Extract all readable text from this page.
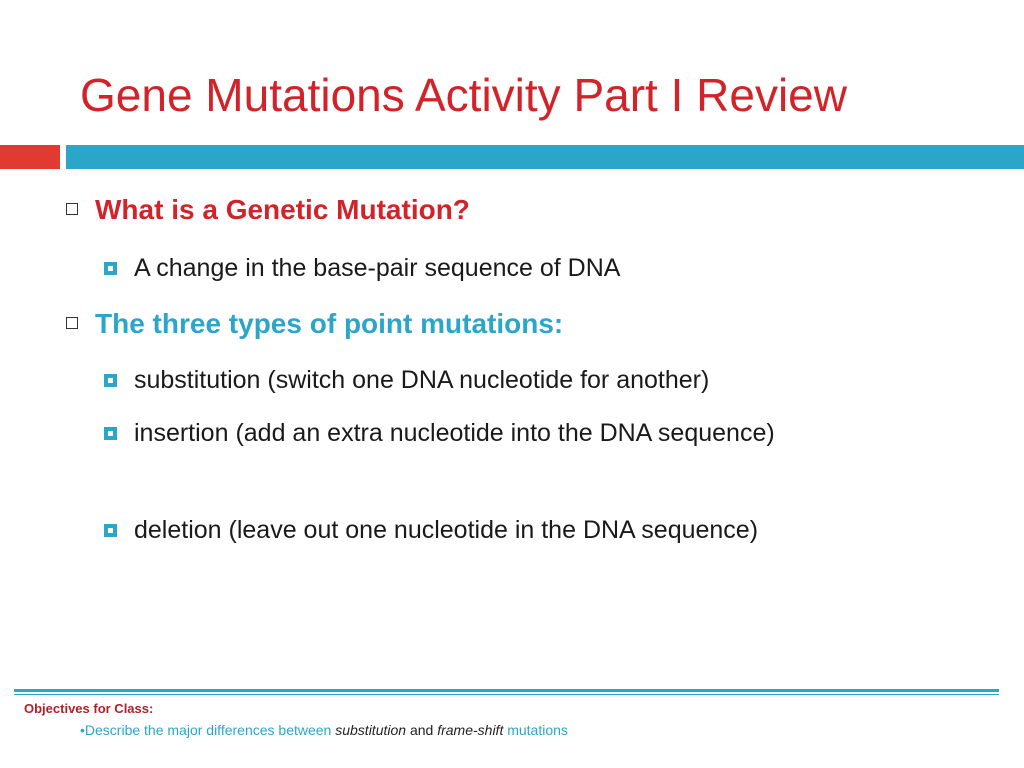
Gene Mutations Activity Part I Review
What is a Genetic Mutation?
A change in the base-pair sequence of DNA
The three types of point mutations:
substitution (switch one DNA nucleotide for another)
insertion (add an extra nucleotide into the DNA sequence)
deletion (leave out one nucleotide in the DNA sequence)
Objectives for Class:
•Describe the major differences between substitution and frame-shift mutations
